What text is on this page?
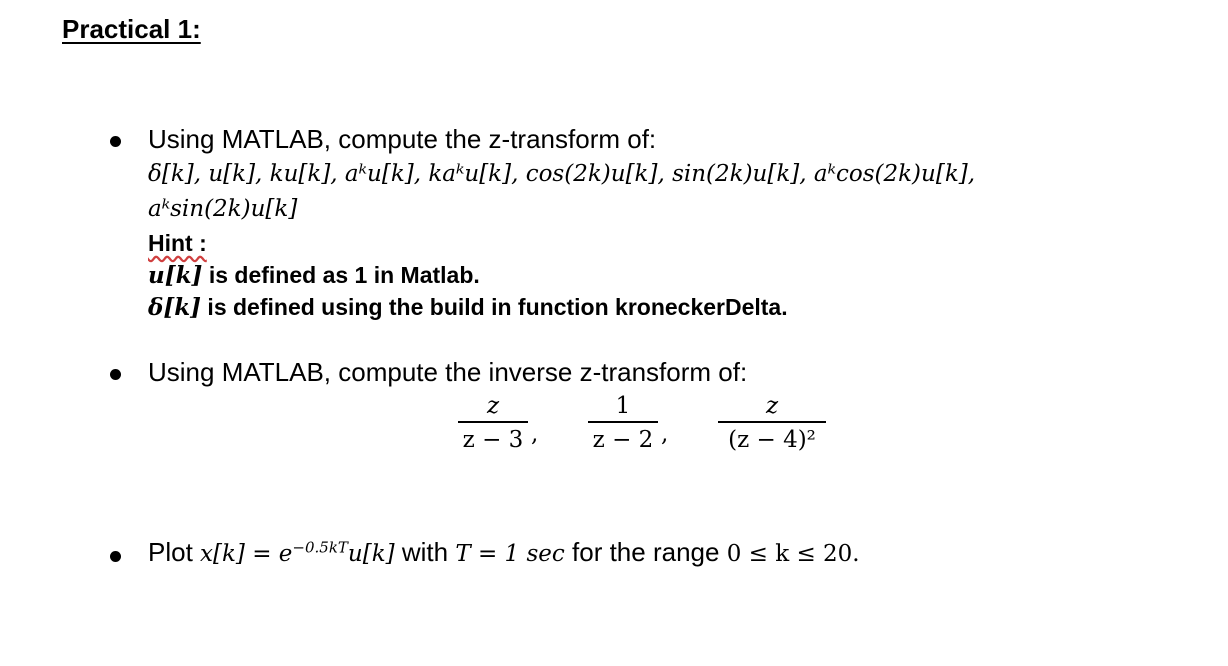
Practical 1:

Using MATLAB, compute the z-transform of:

δ[k], u[k], ku[k], aᵏu[k], kaᵏu[k], cos(2k)u[k], sin(2k)u[k], aᵏcos(2k)u[k],

aᵏsin(2k)u[k]

Hint :

u[k] is defined as 1 in Matlab.

δ[k] is defined using the build in function kroneckerDelta.

Using MATLAB, compute the inverse z-transform of:

z
z − 3 ,
1
z − 2 ,
z
(z − 4)²

Plot $x[k] = e^{-0.5kT}u[k]$ with T = 1 sec for the range 0 ≤ k ≤ 20.
